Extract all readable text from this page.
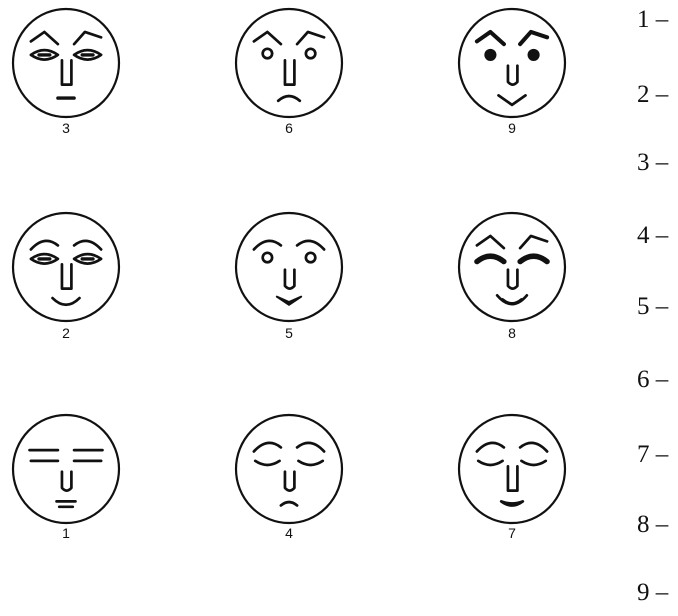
3	6	9
2	5	8
1	4	7
1 –
2 –
3 –
4 –
5 –
6 –
7 –
8 –
9 –
